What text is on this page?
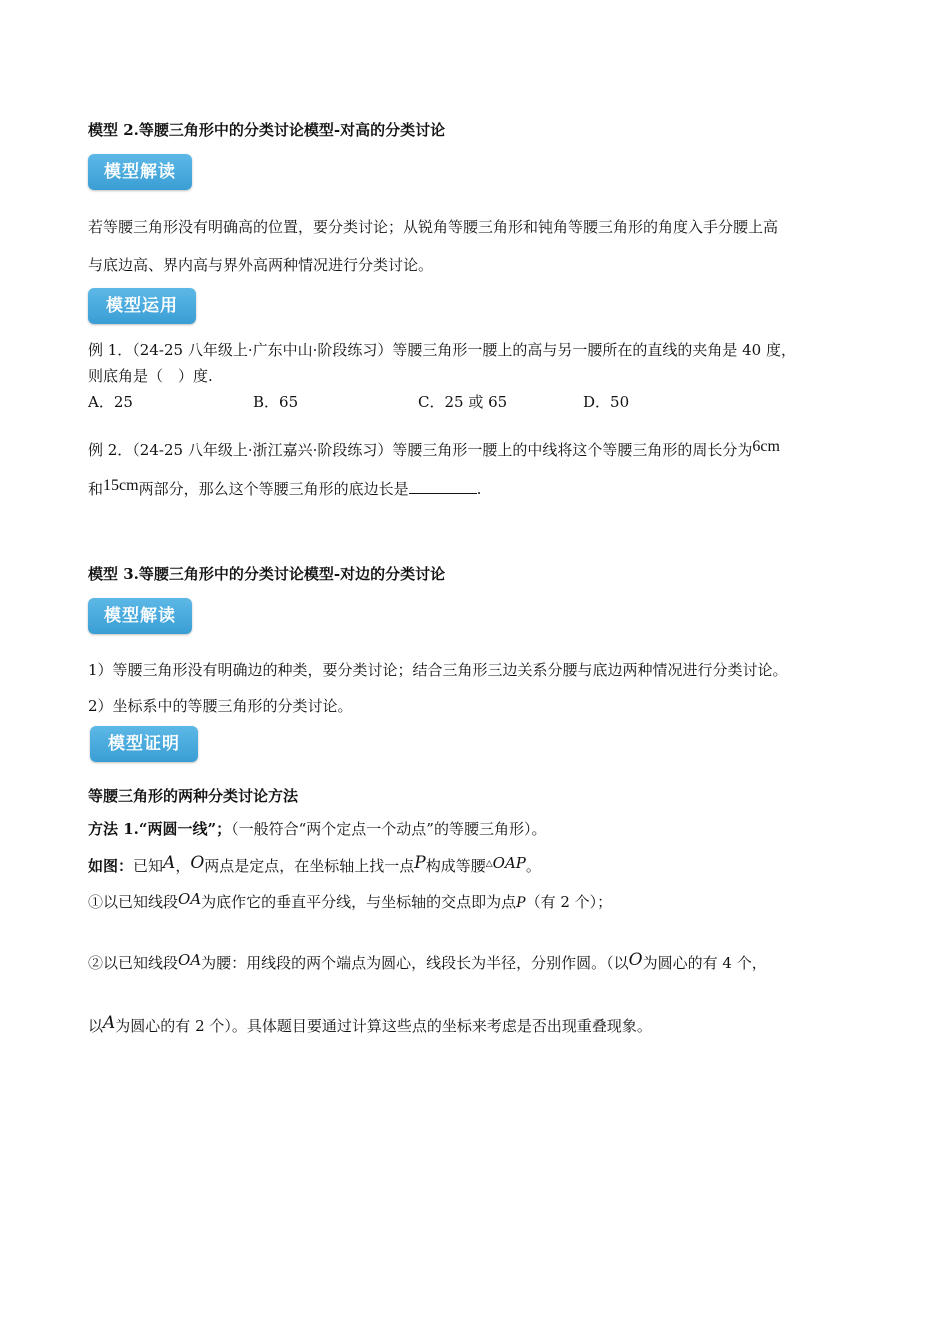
模型 2.等腰三角形中的分类讨论模型-对高的分类讨论
模型解读
若等腰三角形没有明确高的位置，要分类讨论；从锐角等腰三角形和钝角等腰三角形的角度入手分腰上高
与底边高、界内高与界外高两种情况进行分类讨论。
模型运用
例 1．（24-25 八年级上·广东中山·阶段练习）等腰三角形一腰上的高与另一腰所在的直线的夹角是 40 度，
则底角是（　）度.
A．25	B．65	C．25 或 65	D．50
例 2．（24-25 八年级上·浙江嘉兴·阶段练习）等腰三角形一腰上的中线将这个等腰三角形的周长分为6cm
和15cm两部分，那么这个等腰三角形的底边长是	.
模型 3.等腰三角形中的分类讨论模型-对边的分类讨论
模型解读
1）等腰三角形没有明确边的种类，要分类讨论；结合三角形三边关系分腰与底边两种情况进行分类讨论。
2）坐标系中的等腰三角形的分类讨论。
模型证明
等腰三角形的两种分类讨论方法
方法 1.“两圆一线”；（一般符合“两个定点一个动点”的等腰三角形）。
如图：已知A，O两点是定点，在坐标轴上找一点P构成等腰△OAP。
①以已知线段OA为底作它的垂直平分线，与坐标轴的交点即为点P（有 2 个）；
②以已知线段OA为腰：用线段的两个端点为圆心，线段长为半径，分别作圆。（以O为圆心的有 4 个，
以A为圆心的有 2 个）。具体题目要通过计算这些点的坐标来考虑是否出现重叠现象。
